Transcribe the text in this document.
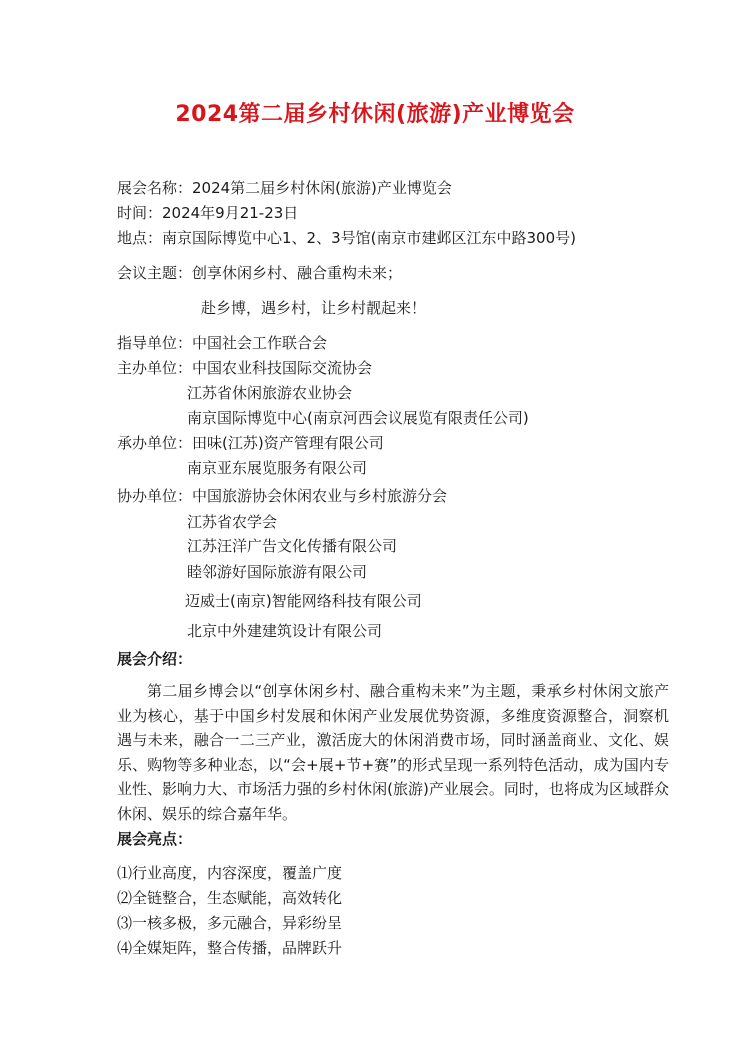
2024第二届乡村休闲(旅游)产业博览会
展会名称：2024第二届乡村休闲(旅游)产业博览会
时间：2024年9月21-23日
地点：南京国际博览中心1、2、3号馆(南京市建邺区江东中路300号)
会议主题：创享休闲乡村、融合重构未来；
赴乡博，遇乡村，让乡村靓起来！
指导单位：中国社会工作联合会
主办单位：中国农业科技国际交流协会
江苏省休闲旅游农业协会
南京国际博览中心(南京河西会议展览有限责任公司)
承办单位：田味(江苏)资产管理有限公司
南京亚东展览服务有限公司
协办单位：中国旅游协会休闲农业与乡村旅游分会
江苏省农学会
江苏汪洋广告文化传播有限公司
睦邻游好国际旅游有限公司
迈威士(南京)智能网络科技有限公司
北京中外建建筑设计有限公司
展会介绍：

第二届乡博会以“创享休闲乡村、融合重构未来”为主题，秉承乡村休闲文旅产业为核心，基于中国乡村发展和休闲产业发展优势资源，多维度资源整合，洞察机遇与未来，融合一二三产业，激活庞大的休闲消费市场，同时涵盖商业、文化、娱乐、购物等多种业态，以“会+展+节+赛”的形式呈现一系列特色活动，成为国内专业性、影响力大、市场活力强的乡村休闲(旅游)产业展会。同时，也将成为区域群众休闲、娱乐的综合嘉年华。

展会亮点：
⑴行业高度，内容深度，覆盖广度
⑵全链整合，生态赋能，高效转化
⑶一核多极，多元融合，异彩纷呈
⑷全媒矩阵，整合传播，品牌跃升
